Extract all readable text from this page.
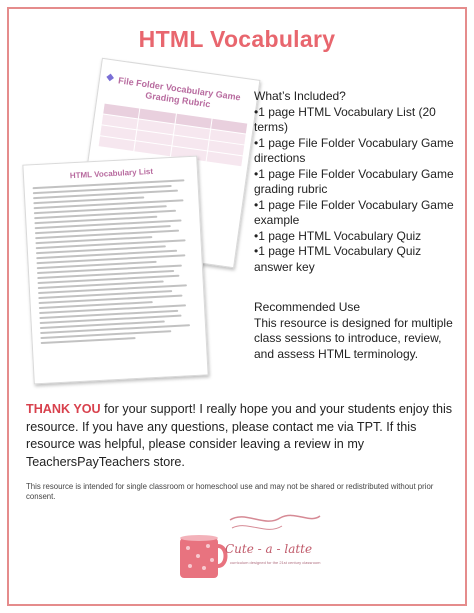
HTML Vocabulary
◆ File Folder Vocabulary Game Grading Rubric
HTML Vocabulary List
What’s Included?
•1 page HTML Vocabulary List (20 terms)
•1 page File Folder Vocabulary Game directions
•1 page File Folder Vocabulary Game grading rubric
•1 page File Folder Vocabulary Game example
•1 page HTML Vocabulary Quiz
•1 page HTML Vocabulary Quiz answer key
Recommended Use
This resource is designed for multiple class sessions to introduce, review, and assess HTML terminology.
THANK YOU for your support! I really hope you and your students enjoy this resource. If you have any questions, please contact me via TPT. If this resource was helpful, please consider leaving a review in my TeachersPayTeachers store.
This resource is intended for single classroom or homeschool use and may not be shared or redistributed without prior consent.
Cute - a - latte
curriculum designed for the 21st century classroom
